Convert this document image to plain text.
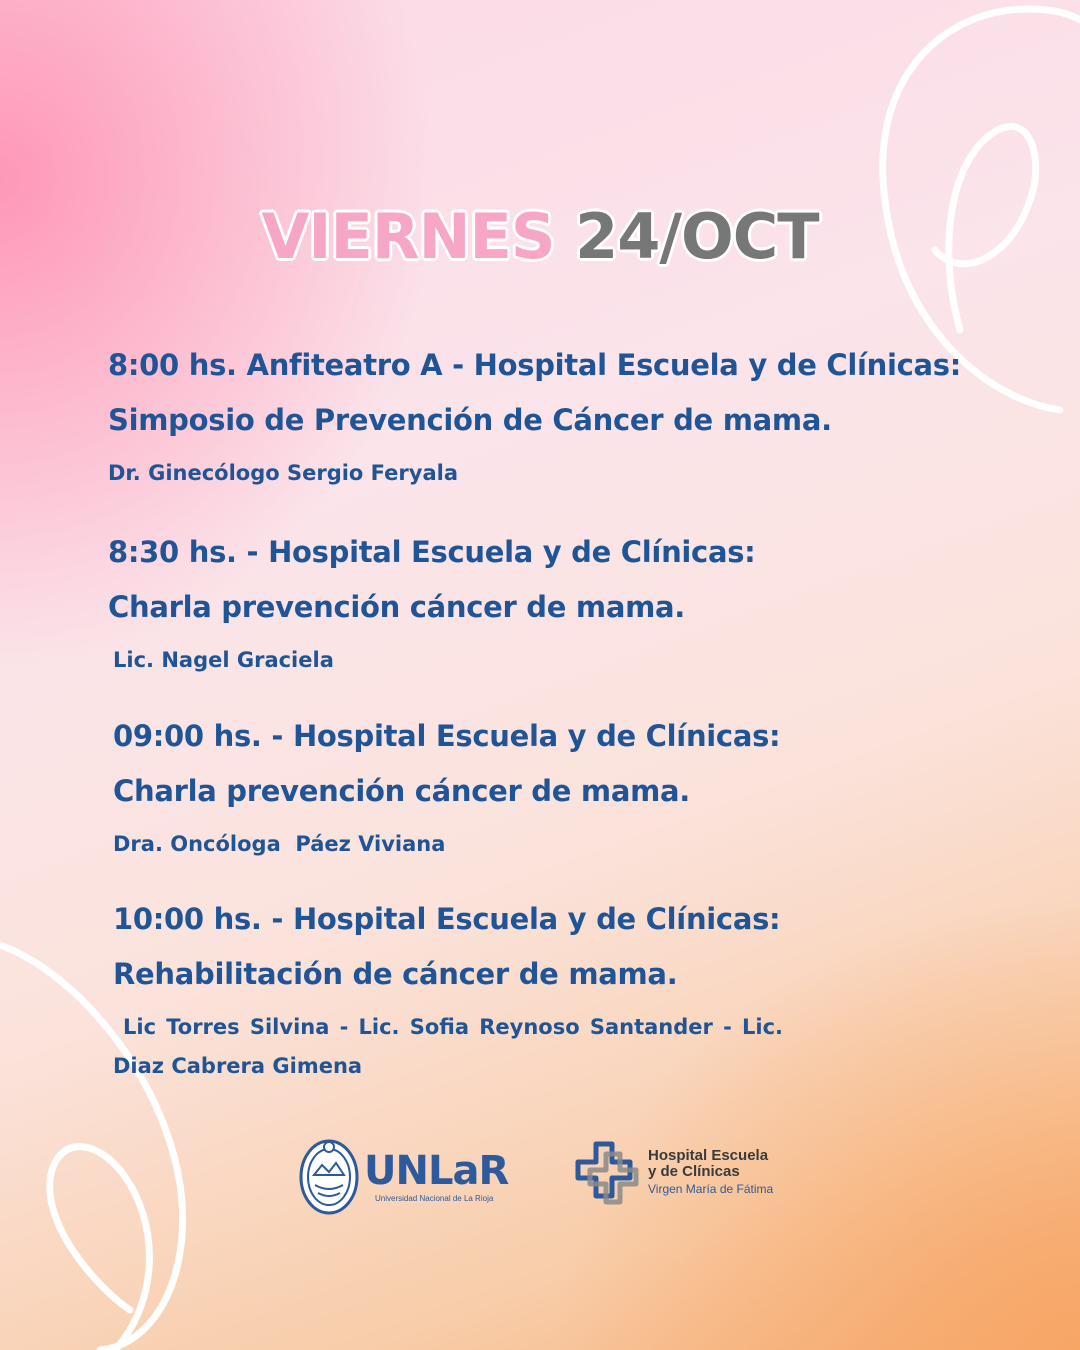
VIERNES 24/OCT
8:00 hs. Anfiteatro A - Hospital Escuela y de Clínicas:
Simposio de Prevención de Cáncer de mama.
Dr. Ginecólogo Sergio Feryala
8:30 hs. - Hospital Escuela y de Clínicas:
Charla prevención cáncer de mama.
Lic. Nagel Graciela
09:00 hs. - Hospital Escuela y de Clínicas:
Charla prevención cáncer de mama.
Dra. Oncóloga  Páez Viviana
10:00 hs. - Hospital Escuela y de Clínicas:
Rehabilitación de cáncer de mama.
Lic Torres Silvina - Lic. Sofia Reynoso Santander - Lic. Diaz Cabrera Gimena
UNLaR
Universidad Nacional de La Rioja
Hospital Escuela
y de Clínicas
Virgen María de Fátima
